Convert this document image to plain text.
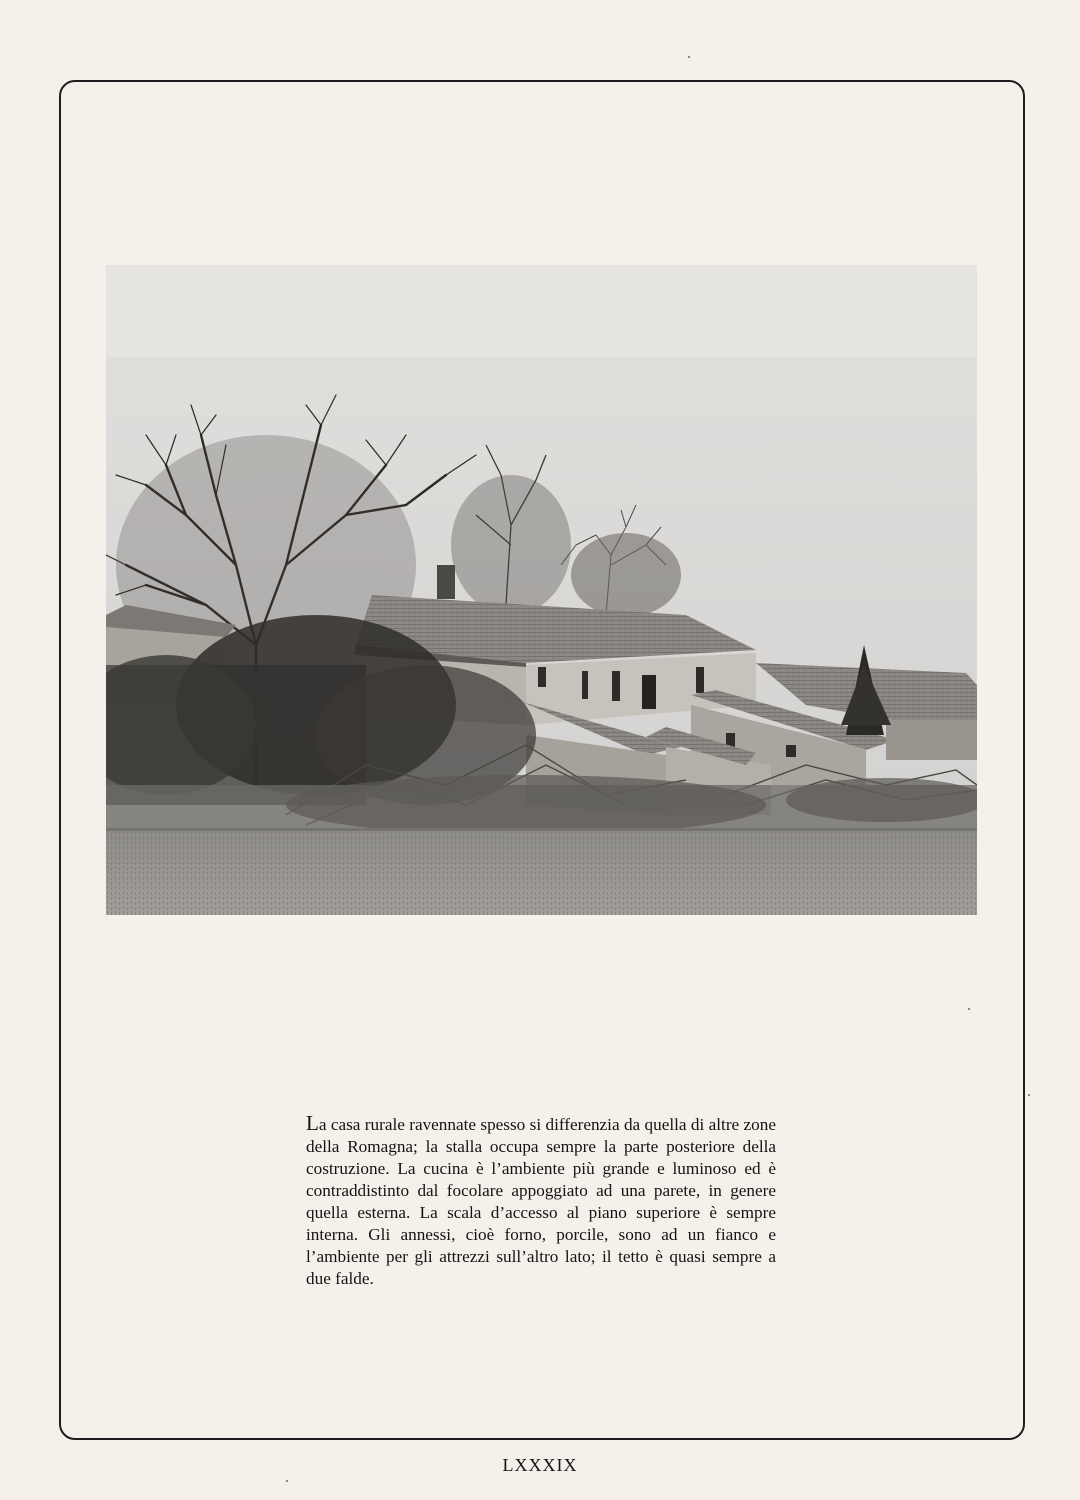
La casa rurale ravennate spesso si differenzia da quella di altre zone della Romagna; la stalla occupa sempre la parte posteriore della costruzione. La cucina è l’ambiente più grande e luminoso ed è contraddistinto dal focolare appoggiato ad una parete, in genere quella esterna. La scala d’accesso al piano superiore è sempre interna. Gli annessi, cioè forno, porcile, sono ad un fianco e l’ambiente per gli attrezzi sull’altro lato; il tetto è quasi sempre a due falde.

LXXXIX
